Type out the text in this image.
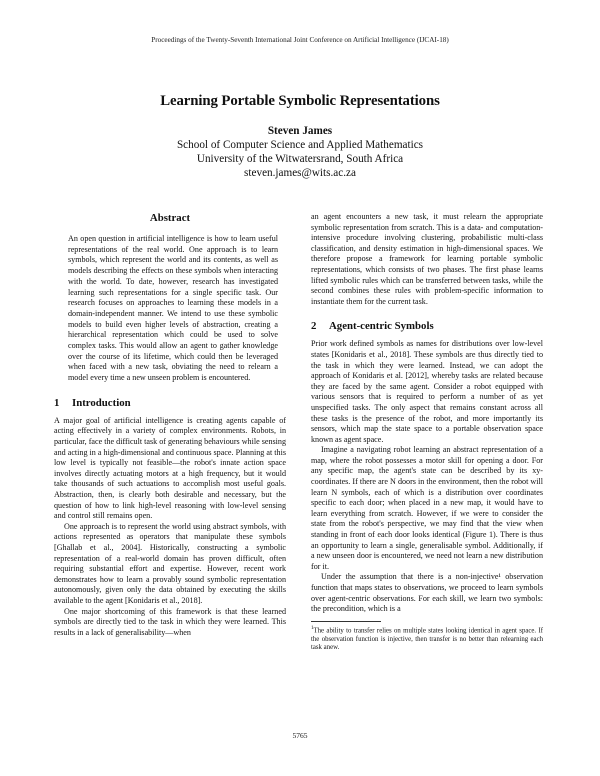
Proceedings of the Twenty-Seventh International Joint Conference on Artificial Intelligence (IJCAI-18)
Learning Portable Symbolic Representations
Steven James
School of Computer Science and Applied Mathematics
University of the Witwatersrand, South Africa
steven.james@wits.ac.za
Abstract

An open question in artificial intelligence is how to learn useful representations of the real world. One approach is to learn symbols, which represent the world and its contents, as well as models describing the effects on these symbols when interacting with the world. To date, however, research has investigated learning such representations for a single specific task. Our research focuses on approaches to learning these models in a domain-independent manner. We intend to use these symbolic models to build even higher levels of abstraction, creating a hierarchical representation which could be used to solve complex tasks. This would allow an agent to gather knowledge over the course of its lifetime, which could then be leveraged when faced with a new task, obviating the need to relearn a model every time a new unseen problem is encountered.

1 Introduction

A major goal of artificial intelligence is creating agents capable of acting effectively in a variety of complex environments. Robots, in particular, face the difficult task of generating behaviours while sensing and acting in a high-dimensional and continuous space. Planning at this low level is typically not feasible—the robot's innate action space involves directly actuating motors at a high frequency, but it would take thousands of such actuations to accomplish most useful goals. Abstraction, then, is clearly both desirable and necessary, but the question of how to link high-level reasoning with low-level sensing and control still remains open.

One approach is to represent the world using abstract symbols, with actions represented as operators that manipulate these symbols [Ghallab et al., 2004]. Historically, constructing a symbolic representation of a real-world domain has proven difficult, often requiring substantial effort and expertise. However, recent work demonstrates how to learn a provably sound symbolic representation autonomously, given only the data obtained by executing the skills available to the agent [Konidaris et al., 2018].

One major shortcoming of this framework is that these learned symbols are directly tied to the task in which they were learned. This results in a lack of generalisability—when

an agent encounters a new task, it must relearn the appropriate symbolic representation from scratch. This is a data- and computation-intensive procedure involving clustering, probabilistic multi-class classification, and density estimation in high-dimensional spaces. We therefore propose a framework for learning portable symbolic representations, which consists of two phases. The first phase learns lifted symbolic rules which can be transferred between tasks, while the second combines these rules with problem-specific information to instantiate them for the current task.

2 Agent-centric Symbols

Prior work defined symbols as names for distributions over low-level states [Konidaris et al., 2018]. These symbols are thus directly tied to the task in which they were learned. Instead, we can adopt the approach of Konidaris et al. [2012], whereby tasks are related because they are faced by the same agent. Consider a robot equipped with various sensors that is required to perform a number of as yet unspecified tasks. The only aspect that remains constant across all these tasks is the presence of the robot, and more importantly its sensors, which map the state space to a portable observation space known as agent space.

Imagine a navigating robot learning an abstract representation of a map, where the robot possesses a motor skill for opening a door. For any specific map, the agent's state can be described by its xy-coordinates. If there are N doors in the environment, then the robot will learn N symbols, each of which is a distribution over coordinates specific to each door; when placed in a new map, it would have to learn everything from scratch. However, if we were to consider the state from the robot's perspective, we may find that the view when standing in front of each door looks identical (Figure 1). There is thus an opportunity to learn a single, generalisable symbol. Additionally, if a new unseen door is encountered, we need not learn a new distribution for it.

Under the assumption that there is a non-injective¹ observation function that maps states to observations, we proceed to learn symbols over agent-centric observations. For each skill, we learn two symbols: the precondition, which is a

$^1$The ability to transfer relies on multiple states looking identical in agent space. If the observation function is injective, then transfer is no better than relearning each task anew.

5765
